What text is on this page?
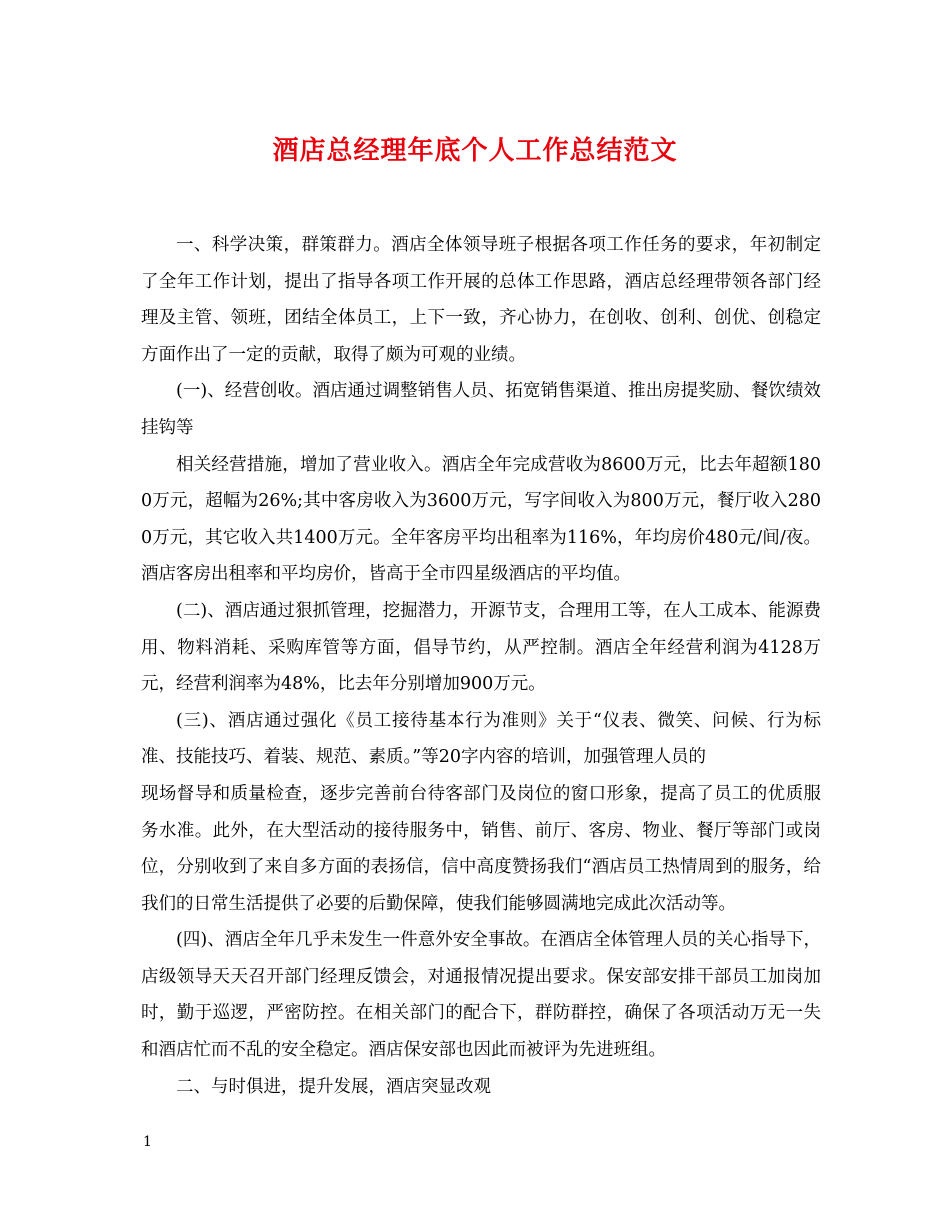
酒店总经理年底个人工作总结范文

一、科学决策，群策群力。酒店全体领导班子根据各项工作任务的要求，年初制定了全年工作计划，提出了指导各项工作开展的总体工作思路，酒店总经理带领各部门经理及主管、领班，团结全体员工，上下一致，齐心协力，在创收、创利、创优、创稳定方面作出了一定的贡献，取得了颇为可观的业绩。

(一)、经营创收。酒店通过调整销售人员、拓宽销售渠道、推出房提奖励、餐饮绩效挂钩等

相关经营措施，增加了营业收入。酒店全年完成营收为8600万元，比去年超额1800万元，超幅为26%;其中客房收入为3600万元，写字间收入为800万元，餐厅收入2800万元，其它收入共1400万元。全年客房平均出租率为116%，年均房价480元/间/夜。酒店客房出租率和平均房价，皆高于全市四星级酒店的平均值。

(二)、酒店通过狠抓管理，挖掘潜力，开源节支，合理用工等，在人工成本、能源费用、物料消耗、采购库管等方面，倡导节约，从严控制。酒店全年经营利润为4128万元，经营利润率为48%，比去年分别增加900万元。

(三)、酒店通过强化《员工接待基本行为准则》关于“仪表、微笑、问候、行为标准、技能技巧、着装、规范、素质。”等20字内容的培训，加强管理人员的

现场督导和质量检查，逐步完善前台待客部门及岗位的窗口形象，提高了员工的优质服务水准。此外，在大型活动的接待服务中，销售、前厅、客房、物业、餐厅等部门或岗位，分别收到了来自多方面的表扬信，信中高度赞扬我们“酒店员工热情周到的服务，给我们的日常生活提供了必要的后勤保障，使我们能够圆满地完成此次活动等。

(四)、酒店全年几乎未发生一件意外安全事故。在酒店全体管理人员的关心指导下，店级领导天天召开部门经理反馈会，对通报情况提出要求。保安部安排干部员工加岗加时，勤于巡逻，严密防控。在相关部门的配合下，群防群控，确保了各项活动万无一失和酒店忙而不乱的安全稳定。酒店保安部也因此而被评为先进班组。

二、与时俱进，提升发展，酒店突显改观

1
